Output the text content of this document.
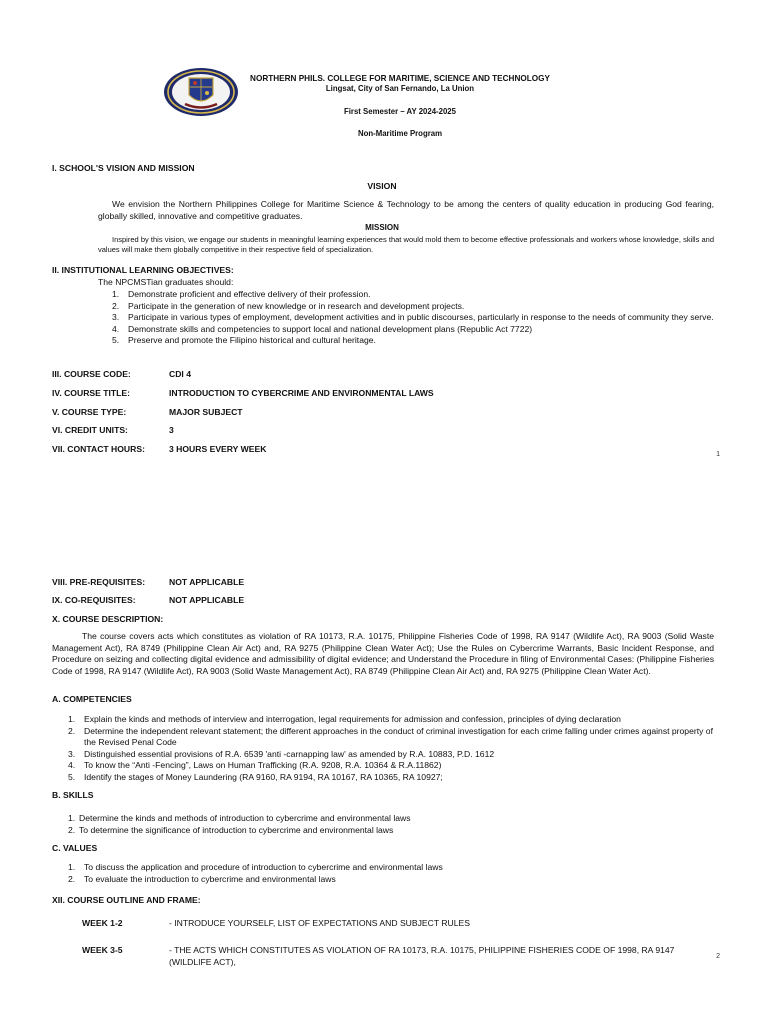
NORTHERN PHILS. COLLEGE FOR MARITIME, SCIENCE AND TECHNOLOGY
Lingsat, City of San Fernando, La Union
First Semester – AY 2024-2025
Non-Maritime Program
I. SCHOOL'S VISION AND MISSION
VISION
We envision the Northern Philippines College for Maritime Science & Technology to be among the centers of quality education in producing God fearing, globally skilled, innovative and competitive graduates.
MISSION
Inspired by this vision, we engage our students in meaningful learning experiences that would mold them to become effective professionals and workers whose knowledge, skills and values will make them globally competitive in their respective field of specialization.
II. INSTITUTIONAL LEARNING OBJECTIVES:
The NPCMSTian graduates should:
1. Demonstrate proficient and effective delivery of their profession.
2. Participate in the generation of new knowledge or in research and development projects.
3. Participate in various types of employment, development activities and in public discourses, particularly in response to the needs of community they serve.
4. Demonstrate skills and competencies to support local and national development plans (Republic Act 7722)
5. Preserve and promote the Filipino historical and cultural heritage.
III. COURSE CODE:	CDI 4
IV. COURSE TITLE:	INTRODUCTION TO CYBERCRIME AND ENVIRONMENTAL LAWS
V. COURSE TYPE:	MAJOR SUBJECT
VI. CREDIT UNITS:	3
VII. CONTACT HOURS:	3 HOURS EVERY WEEK
1
VIII. PRE-REQUISITES:	NOT APPLICABLE
IX. CO-REQUISITES:	NOT APPLICABLE
X. COURSE DESCRIPTION:
The course covers acts which constitutes as violation of RA 10173, R.A. 10175, Philippine Fisheries Code of 1998, RA 9147 (Wildlife Act), RA 9003 (Solid Waste Management Act), RA 8749 (Philippine Clean Air Act) and, RA 9275 (Philippine Clean Water Act); Use the Rules on Cybercrime Warrants, Basic Incident Response, and Procedure on seizing and collecting digital evidence and admissibility of digital evidence; and Understand the Procedure in filing of Environmental Cases: (Philippine Fisheries Code of 1998, RA 9147 (Wildlife Act), RA 9003 (Solid Waste Management Act), RA 8749 (Philippine Clean Air Act) and, RA 9275 (Philippine Clean Water Act).
A. COMPETENCIES
1. Explain the kinds and methods of interview and interrogation, legal requirements for admission and confession, principles of dying declaration
2. Determine the independent relevant statement; the different approaches in the conduct of criminal investigation for each crime falling under crimes against property of the Revised Penal Code
3. Distinguished essential provisions of R.A. 6539 'anti -carnapping law' as amended by R.A. 10883, P.D. 1612
4. To know the “Anti -Fencing”, Laws on Human Trafficking (R.A. 9208, R.A. 10364 & R.A.11862)
5. Identify the stages of Money Laundering (RA 9160, RA 9194, RA 10167, RA 10365, RA 10927;
B. SKILLS
1. Determine the kinds and methods of introduction to cybercrime and environmental laws
2. To determine the significance of introduction to cybercrime and environmental laws
C. VALUES
1. To discuss the application and procedure of introduction to cybercrime and environmental laws
2. To evaluate the introduction to cybercrime and environmental laws
XII. COURSE OUTLINE AND FRAME:
WEEK 1-2	- INTRODUCE YOURSELF, LIST OF EXPECTATIONS AND SUBJECT RULES
WEEK 3-5	- THE ACTS WHICH CONSTITUTES AS VIOLATION OF RA 10173, R.A. 10175, PHILIPPINE FISHERIES CODE OF 1998, RA 9147 (WILDLIFE ACT),
2
